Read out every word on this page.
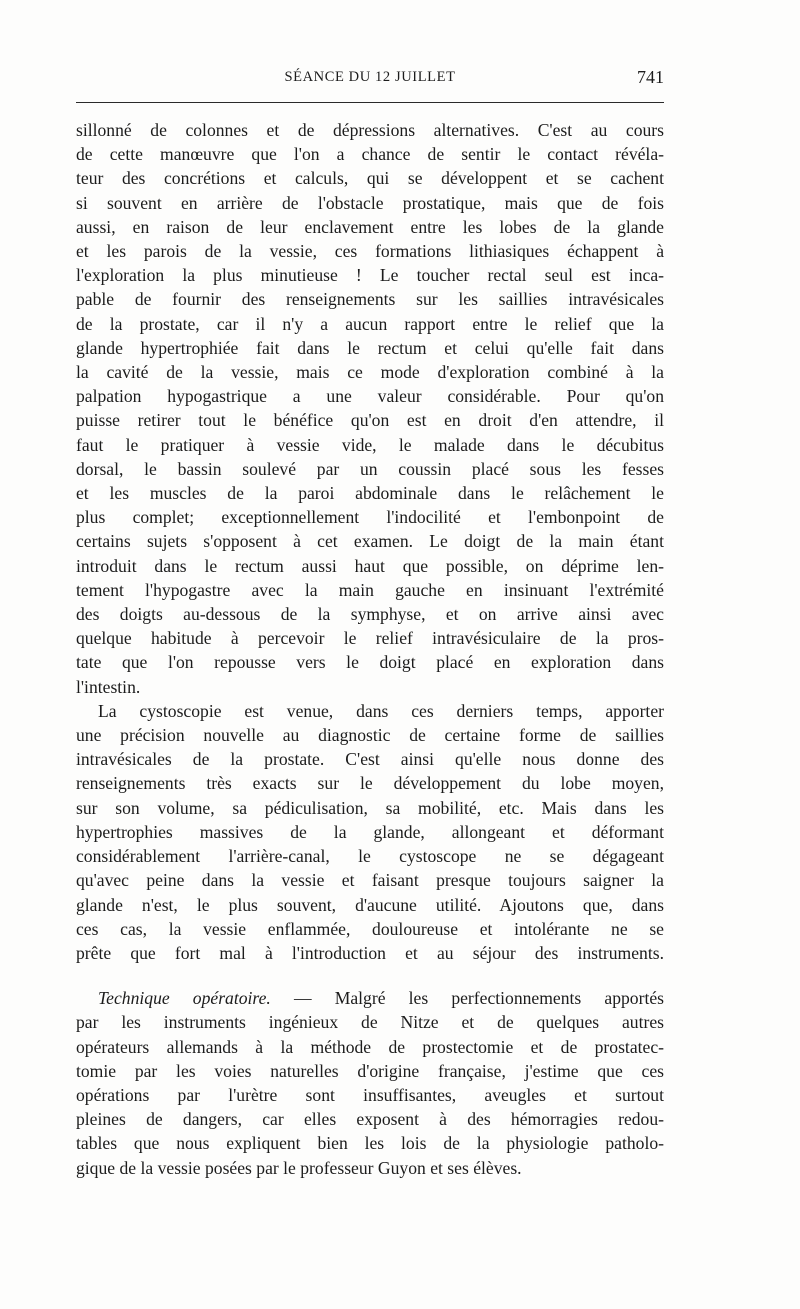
SÉANCE DU 12 JUILLET	741

sillonné de colonnes et de dépressions alternatives. C'est au cours
de cette manœuvre que l'on a chance de sentir le contact révéla-
teur des concrétions et calculs, qui se développent et se cachent
si souvent en arrière de l'obstacle prostatique, mais que de fois
aussi, en raison de leur enclavement entre les lobes de la glande
et les parois de la vessie, ces formations lithiasiques échappent à
l'exploration la plus minutieuse ! Le toucher rectal seul est inca-
pable de fournir des renseignements sur les saillies intravésicales
de la prostate, car il n'y a aucun rapport entre le relief que la
glande hypertrophiée fait dans le rectum et celui qu'elle fait dans
la cavité de la vessie, mais ce mode d'exploration combiné à la
palpation hypogastrique a une valeur considérable. Pour qu'on
puisse retirer tout le bénéfice qu'on est en droit d'en attendre, il
faut le pratiquer à vessie vide, le malade dans le décubitus
dorsal, le bassin soulevé par un coussin placé sous les fesses
et les muscles de la paroi abdominale dans le relâchement le
plus complet; exceptionnellement l'indocilité et l'embonpoint de
certains sujets s'opposent à cet examen. Le doigt de la main étant
introduit dans le rectum aussi haut que possible, on déprime len-
tement l'hypogastre avec la main gauche en insinuant l'extrémité
des doigts au-dessous de la symphyse, et on arrive ainsi avec
quelque habitude à percevoir le relief intravésiculaire de la pros-
tate que l'on repousse vers le doigt placé en exploration dans
l'intestin.

La cystoscopie est venue, dans ces derniers temps, apporter
une précision nouvelle au diagnostic de certaine forme de saillies
intravésicales de la prostate. C'est ainsi qu'elle nous donne des
renseignements très exacts sur le développement du lobe moyen,
sur son volume, sa pédiculisation, sa mobilité, etc. Mais dans les
hypertrophies massives de la glande, allongeant et déformant
considérablement l'arrière-canal, le cystoscope ne se dégageant
qu'avec peine dans la vessie et faisant presque toujours saigner la
glande n'est, le plus souvent, d'aucune utilité. Ajoutons que, dans
ces cas, la vessie enflammée, douloureuse et intolérante ne se
prête que fort mal à l'introduction et au séjour des instruments.

Technique opératoire. — Malgré les perfectionnements apportés
par les instruments ingénieux de Nitze et de quelques autres
opérateurs allemands à la méthode de prostectomie et de prostatec-
tomie par les voies naturelles d'origine française, j'estime que ces
opérations par l'urètre sont insuffisantes, aveugles et surtout
pleines de dangers, car elles exposent à des hémorragies redou-
tables que nous expliquent bien les lois de la physiologie patholo-
gique de la vessie posées par le professeur Guyon et ses élèves.
